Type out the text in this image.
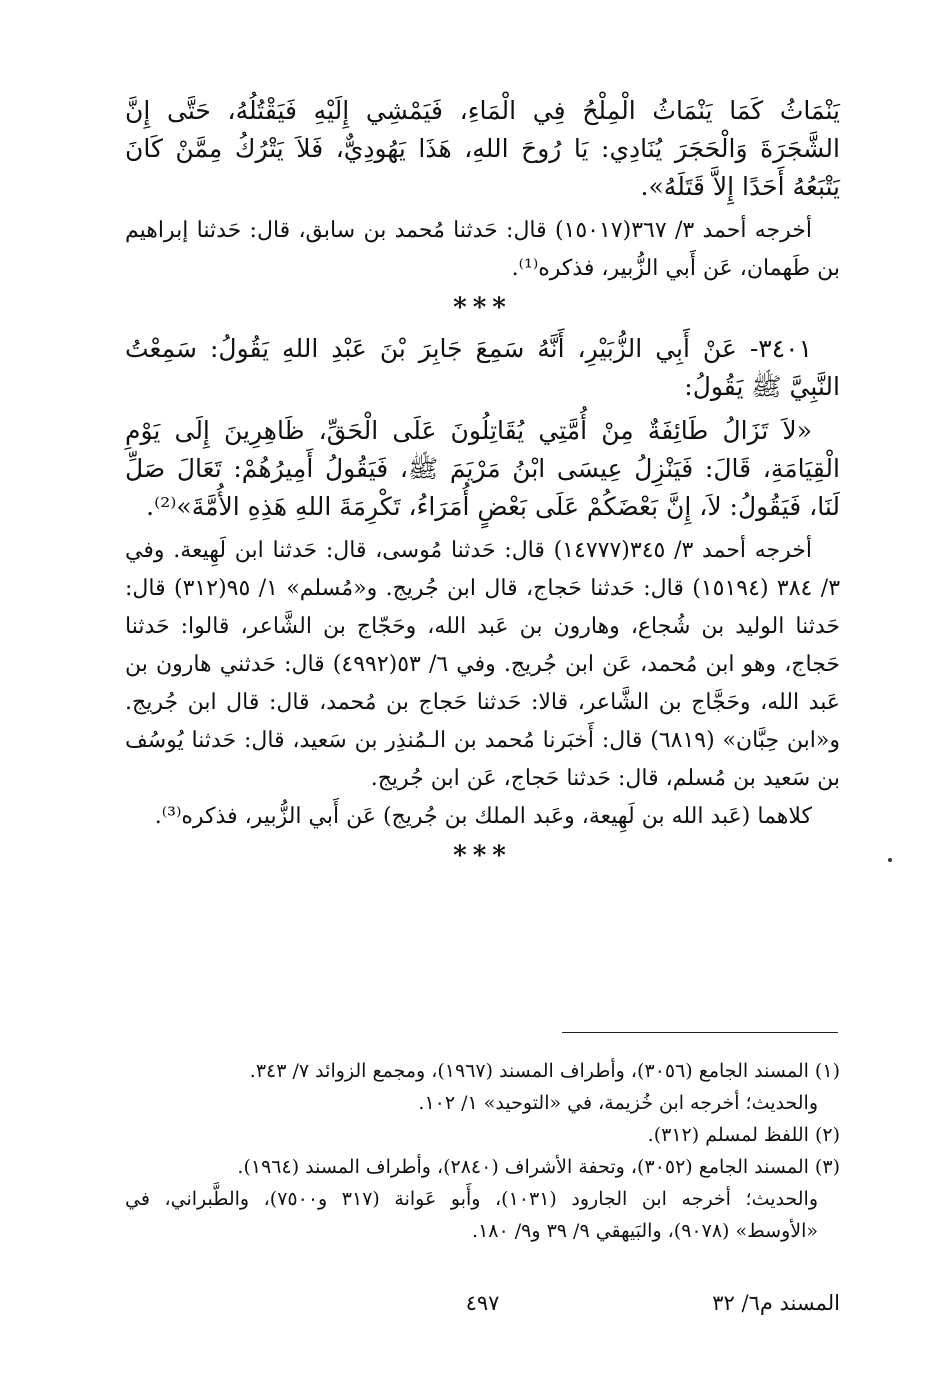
يَنْمَاثُ كَمَا يَنْمَاثُ الْمِلْحُ فِي الْمَاءِ، فَيَمْشِي إِلَيْهِ فَيَقْتُلُهُ، حَتَّى إِنَّ الشَّجَرَةَ وَالْحَجَرَ يُنَادِي: يَا رُوحَ اللهِ، هَذَا يَهُودِيٌّ، فَلاَ يَتْرُكُ مِمَّنْ كَانَ يَتْبَعُهُ أَحَدًا إِلاَّ قَتَلَهُ».

أخرجه أحمد ٣/ ٣٦٧(١٥٠١٧) قال: حَدثنا مُحمد بن سابق، قال: حَدثنا إبراهيم بن طَهمان، عَن أَبي الزُّبير، فذكره⁽¹⁾.

***

٣٤٠١- عَنْ أَبِي الزُّبَيْرِ، أَنَّهُ سَمِعَ جَابِرَ بْنَ عَبْدِ اللهِ يَقُولُ: سَمِعْتُ النَّبِيَّ ﷺ يَقُولُ:

«لاَ تَزَالُ طَائِفَةٌ مِنْ أُمَّتِي يُقَاتِلُونَ عَلَى الْحَقِّ، ظَاهِرِينَ إِلَى يَوْمِ الْقِيَامَةِ، قَالَ: فَيَنْزِلُ عِيسَى ابْنُ مَرْيَمَ ﷺ، فَيَقُولُ أَمِيرُهُمْ: تَعَالَ صَلِّ لَنَا، فَيَقُولُ: لاَ، إِنَّ بَعْضَكُمْ عَلَى بَعْضٍ أُمَرَاءُ، تَكْرِمَةَ اللهِ هَذِهِ الأُمَّةَ»⁽²⁾.

أخرجه أحمد ٣/ ٣٤٥(١٤٧٧٧) قال: حَدثنا مُوسى، قال: حَدثنا ابن لَهِيعة. وفي ٣/ ٣٨٤ (١٥١٩٤) قال: حَدثنا حَجاج، قال ابن جُريج. و«مُسلم» ١/ ٩٥(٣١٢) قال: حَدثنا الوليد بن شُجاع، وهارون بن عَبد الله، وحَجّاج بن الشَّاعر، قالوا: حَدثنا حَجاج، وهو ابن مُحمد، عَن ابن جُريج. وفي ٦/ ٥٣(٤٩٩٢) قال: حَدثني هارون بن عَبد الله، وحَجَّاج بن الشَّاعر، قالا: حَدثنا حَجاج بن مُحمد، قال: قال ابن جُريج. و«ابن حِبَّان» (٦٨١٩) قال: أَخبَرنا مُحمد بن الـمُنذِر بن سَعيد، قال: حَدثنا يُوسُف بن سَعيد بن مُسلم، قال: حَدثنا حَجاج، عَن ابن جُريج.

كلاهما (عَبد الله بن لَهِيعة، وعَبد الملك بن جُريج) عَن أَبي الزُّبير، فذكره⁽³⁾.

***

(١) المسند الجامع (٣٠٥٦)، وأطراف المسند (١٩٦٧)، ومجمع الزوائد ٧/ ٣٤٣.

والحديث؛ أخرجه ابن خُزيمة، في «التوحيد» ١/ ١٠٢.

(٢) اللفظ لمسلم (٣١٢).

(٣) المسند الجامع (٣٠٥٢)، وتحفة الأشراف (٢٨٤٠)، وأطراف المسند (١٩٦٤).

والحديث؛ أخرجه ابن الجارود (١٠٣١)، وأَبو عَوانة (٣١٧ و٧٥٠٠)، والطَّبراني، في «الأوسط» (٩٠٧٨)، والبَيهقي ٩/ ٣٩ و٩/ ١٨٠.

المسند م٦/ ٣٢
٤٩٧
